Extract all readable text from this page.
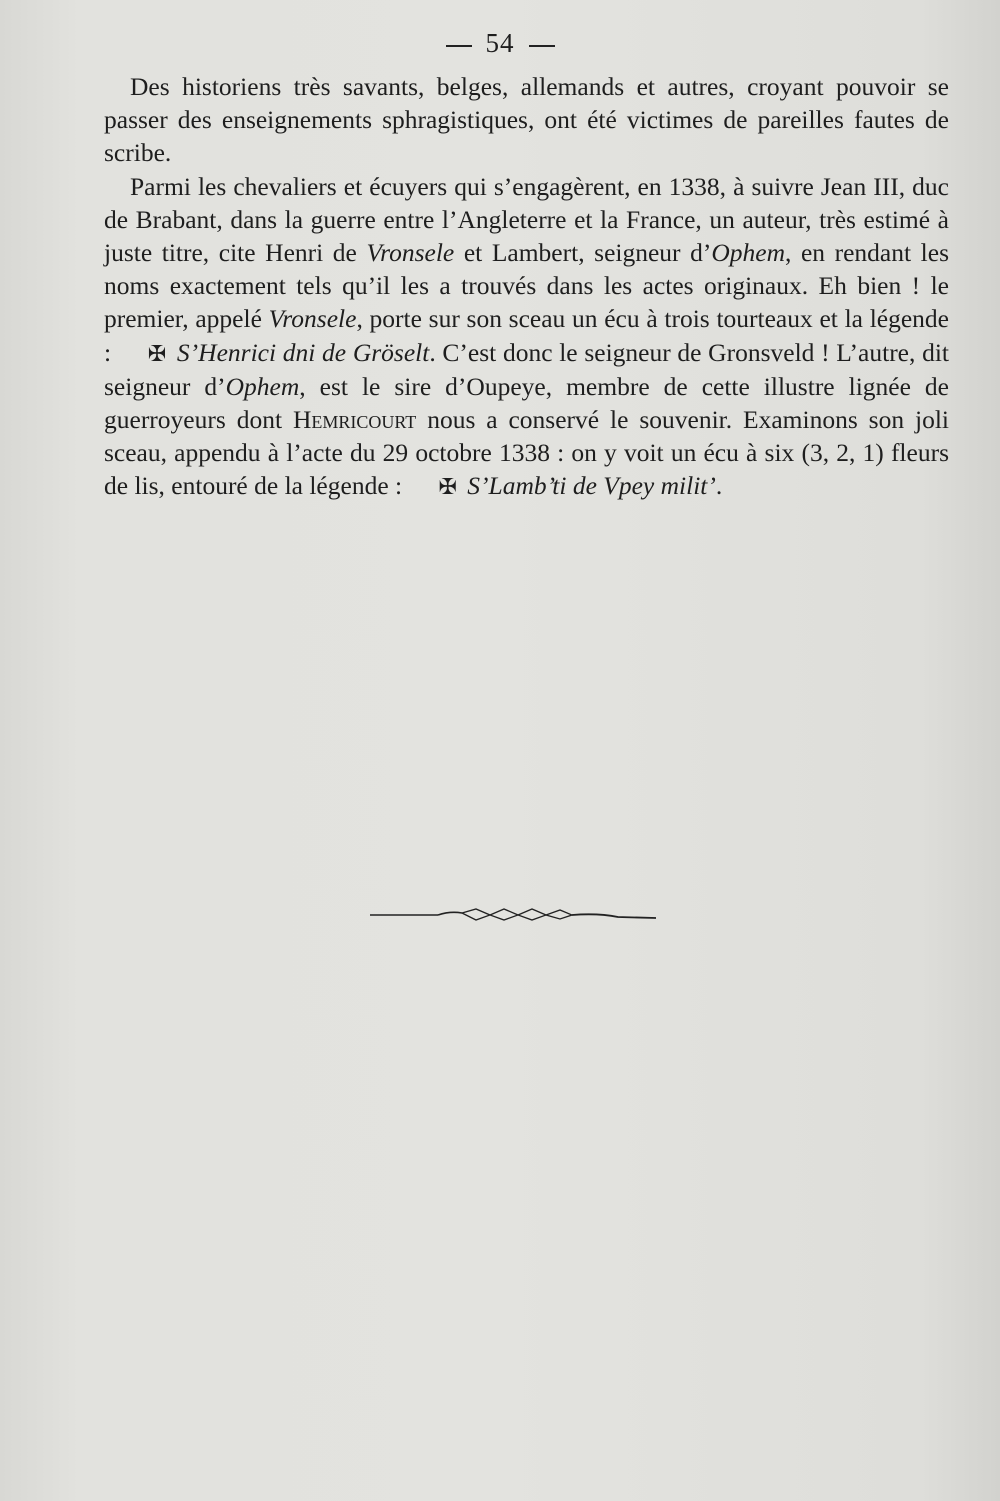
54

Des historiens très savants, belges, allemands et autres, croyant pouvoir se passer des enseignements sphragistiques, ont été victimes de pareilles fautes de scribe.

Parmi les chevaliers et écuyers qui s’engagèrent, en 1338, à suivre Jean III, duc de Brabant, dans la guerre entre l’Angleterre et la France, un auteur, très estimé à juste titre, cite Henri de Vronsele et Lambert, seigneur d’Ophem, en rendant les noms exactement tels qu’il les a trouvés dans les actes originaux. Eh bien ! le premier, appelé Vronsele, porte sur son sceau un écu à trois tourteaux et la légende : ✠ S’Henrici dni de Gröselt. C’est donc le seigneur de Gronsveld ! L’autre, dit seigneur d’Ophem, est le sire d’Oupeye, membre de cette illustre lignée de guerroyeurs dont Hemricourt nous a conservé le souvenir. Examinons son joli sceau, appendu à l’acte du 29 octobre 1338 : on y voit un écu à six (3, 2, 1) fleurs de lis, entouré de la légende : ✠ S’Lamb’ti de Vpey milit’.
